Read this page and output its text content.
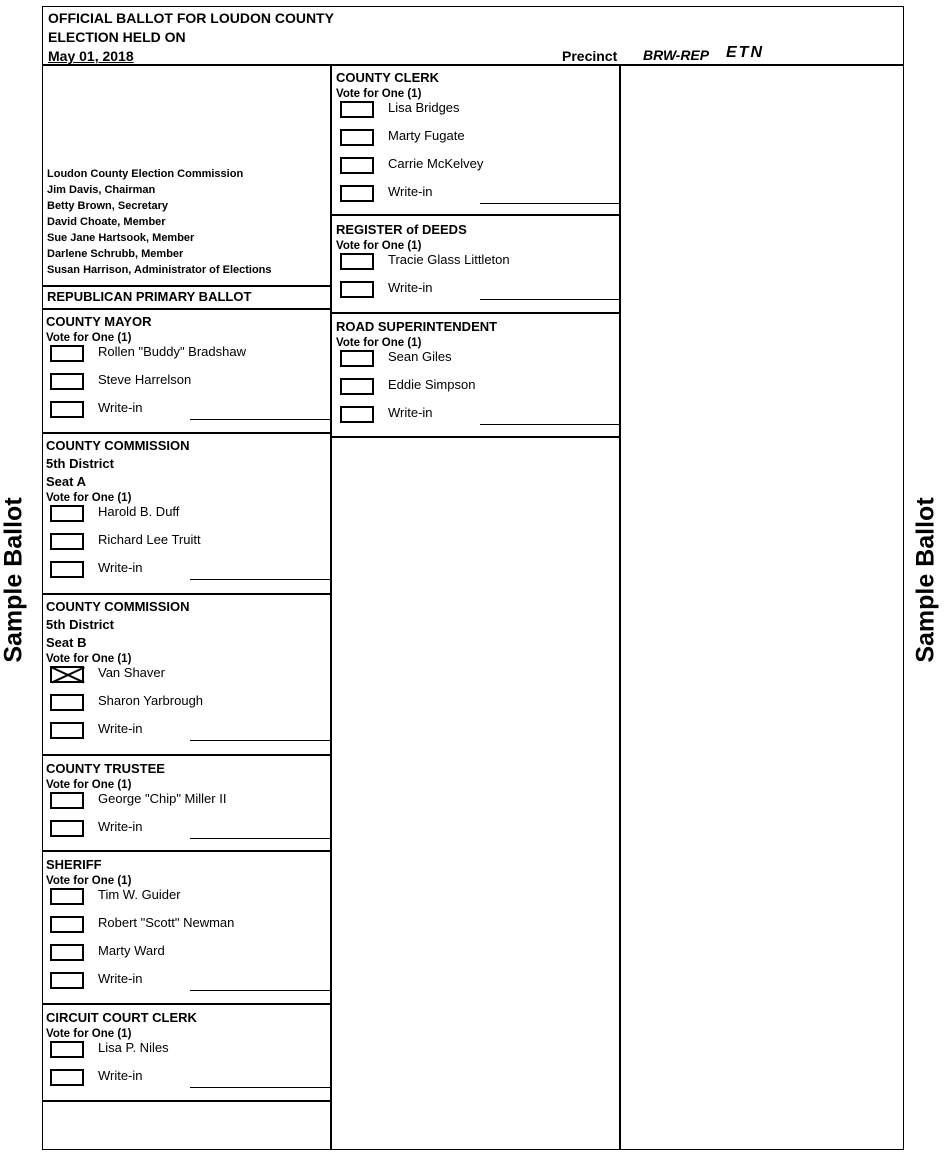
Sample Ballot	Sample Ballot
OFFICIAL BALLOT FOR LOUDON COUNTY
ELECTION HELD ON
May 01, 2018	Precinct BRW-REP ETN
Loudon County Election Commission
Jim Davis, Chairman
Betty Brown, Secretary
David Choate, Member
Sue Jane Hartsook, Member
Darlene Schrubb, Member
Susan Harrison, Administrator of Elections
REPUBLICAN PRIMARY BALLOT
COUNTY MAYOR
Vote for One (1)
Rollen "Buddy" Bradshaw
Steve Harrelson
Write-in
COUNTY COMMISSION
5th District
Seat A
Vote for One (1)
Harold B. Duff
Richard Lee Truitt
Write-in
COUNTY COMMISSION
5th District
Seat B
Vote for One (1)
Van Shaver
Sharon Yarbrough
Write-in
COUNTY TRUSTEE
Vote for One (1)
George "Chip" Miller II
Write-in
SHERIFF
Vote for One (1)
Tim W. Guider
Robert "Scott" Newman
Marty Ward
Write-in
CIRCUIT COURT CLERK
Vote for One (1)
Lisa P. Niles
Write-in
COUNTY CLERK
Vote for One (1)
Lisa Bridges
Marty Fugate
Carrie McKelvey
Write-in
REGISTER of DEEDS
Vote for One (1)
Tracie Glass Littleton
Write-in
ROAD SUPERINTENDENT
Vote for One (1)
Sean Giles
Eddie Simpson
Write-in
